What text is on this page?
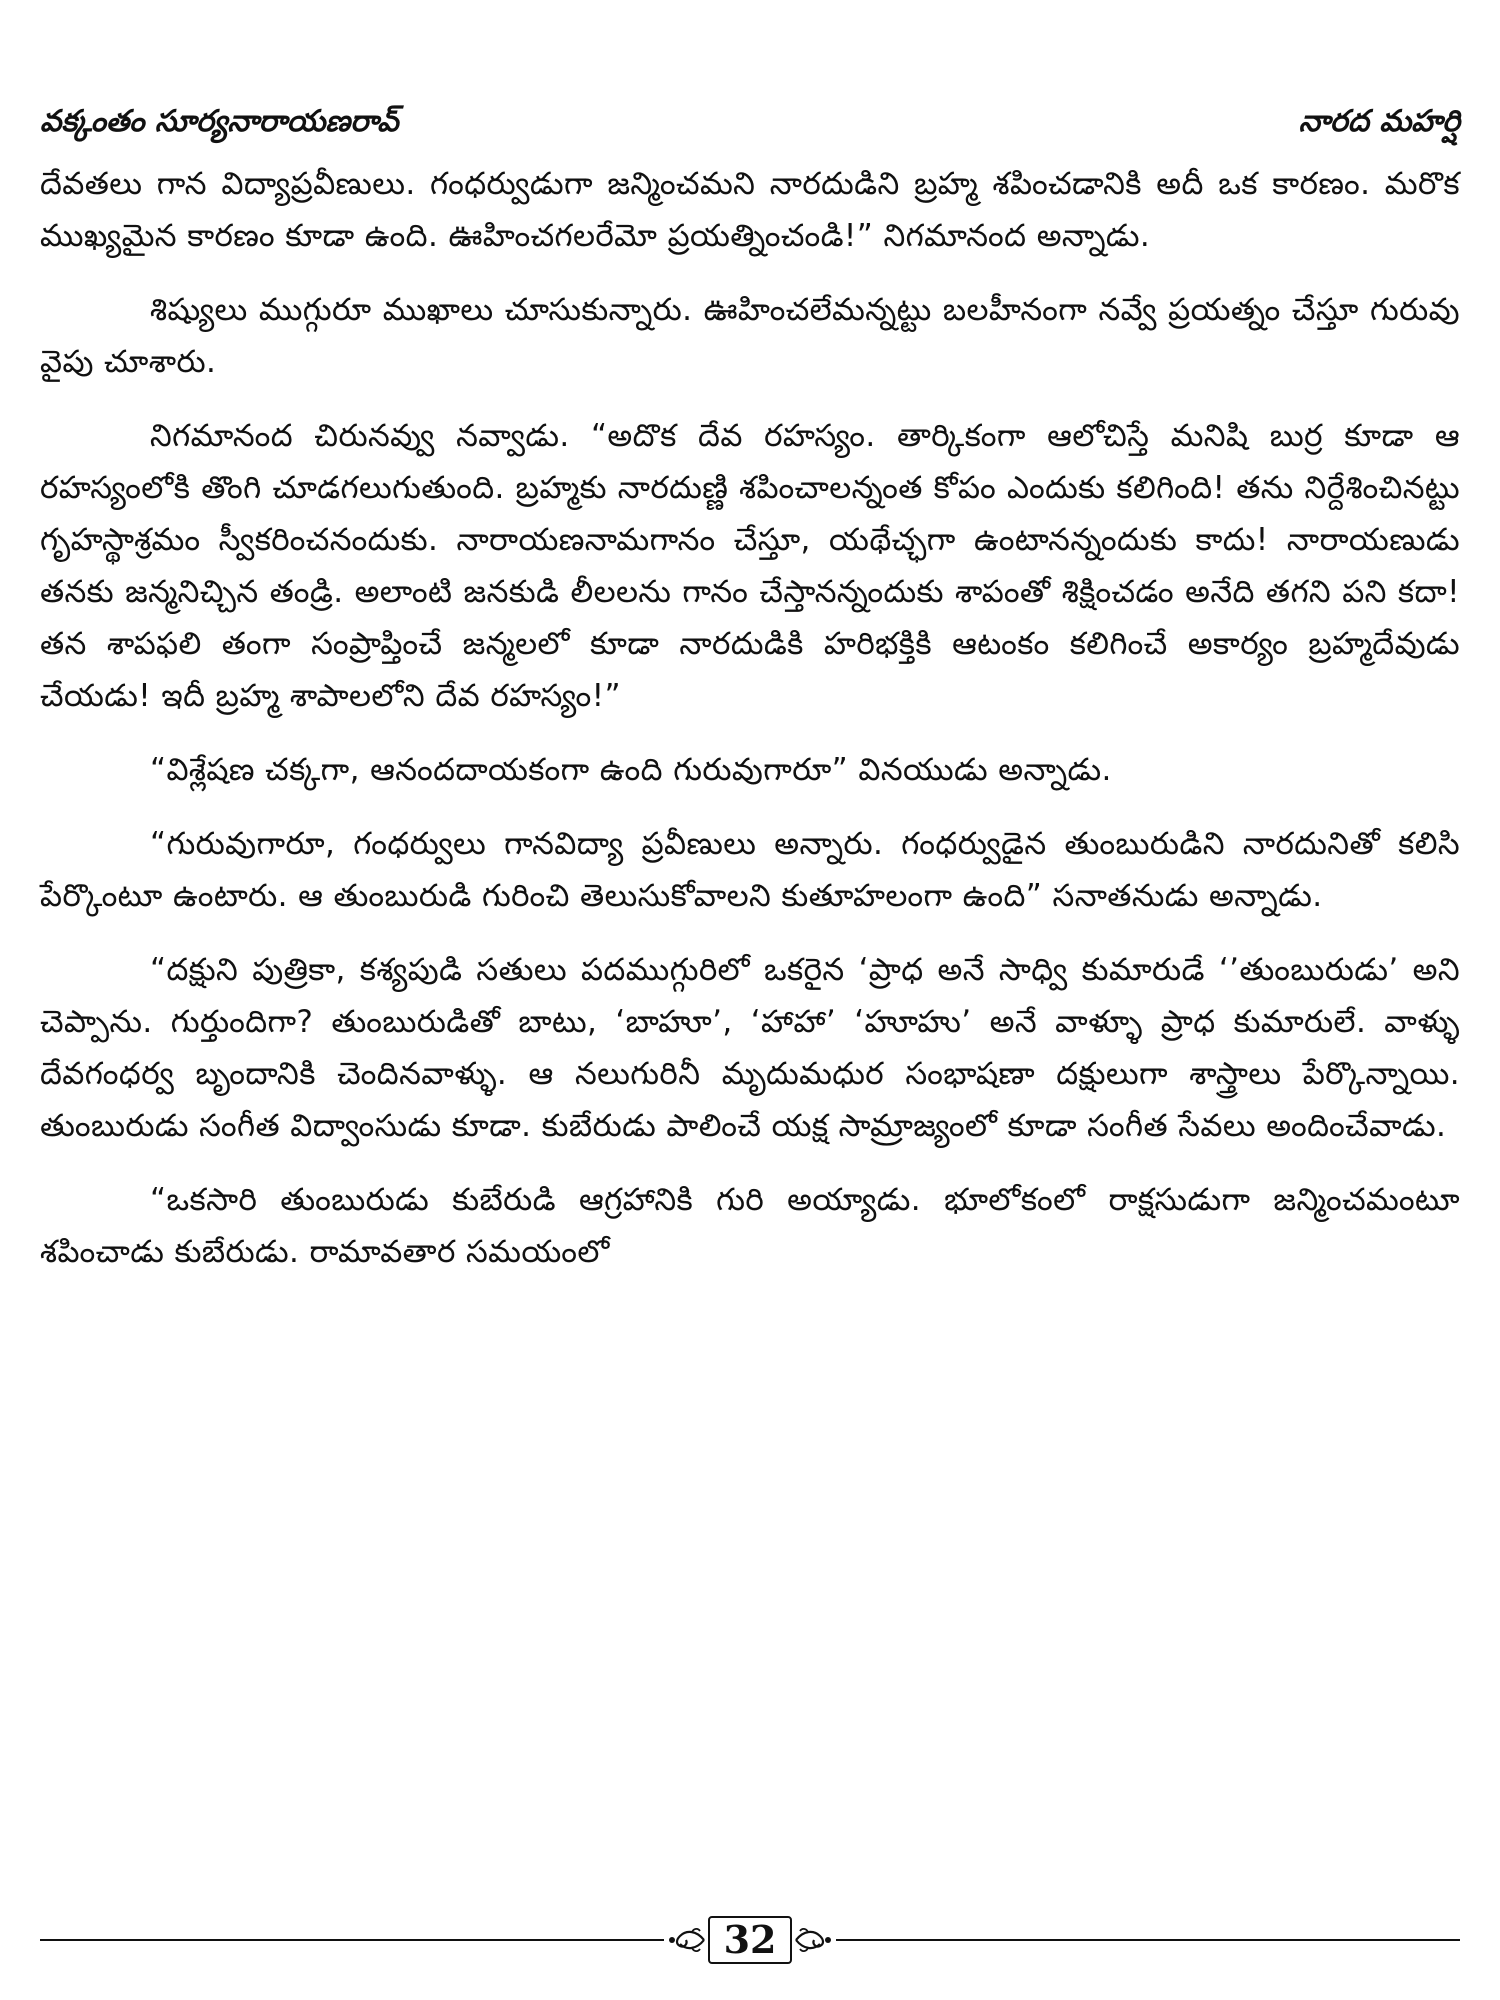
వక్కంతం సూర్యనారాయణరావ్	నారద మహర్షి

దేవతలు గాన విద్యాప్రవీణులు. గంధర్వుడుగా జన్మించమని నారదుడిని బ్రహ్మ శపించడానికి అదీ ఒక కారణం. మరొక ముఖ్యమైన కారణం కూడా ఉంది. ఊహించగలరేమో ప్రయత్నించండి!” నిగమానంద అన్నాడు.

శిష్యులు ముగ్గురూ ముఖాలు చూసుకున్నారు. ఊహించలేమన్నట్టు బలహీనంగా నవ్వే ప్రయత్నం చేస్తూ గురువు వైపు చూశారు.

నిగమానంద చిరునవ్వు నవ్వాడు. “అదొక దేవ రహస్యం. తార్కికంగా ఆలోచిస్తే మనిషి బుర్ర కూడా ఆ రహస్యంలోకి తొంగి చూడగలుగుతుంది. బ్రహ్మకు నారదుణ్ణి శపించాలన్నంత కోపం ఎందుకు కలిగింది! తను నిర్దేశించినట్టు గృహస్థాశ్రమం స్వీకరించనందుకు. నారాయణనామగానం చేస్తూ, యథేచ్ఛగా ఉంటానన్నందుకు కాదు! నారాయణుడు తనకు జన్మనిచ్చిన తండ్రి. అలాంటి జనకుడి లీలలను గానం చేస్తానన్నందుకు శాపంతో శిక్షించడం అనేది తగని పని కదా! తన శాపఫలి తంగా సంప్రాప్తించే జన్మలలో కూడా నారదుడికి హరిభక్తికి ఆటంకం కలిగించే అకార్యం బ్రహ్మదేవుడు చేయడు! ఇదీ బ్రహ్మ శాపాలలోని దేవ రహస్యం!”

“విశ్లేషణ చక్కగా, ఆనందదాయకంగా ఉంది గురువుగారూ” వినయుడు అన్నాడు.

“గురువుగారూ, గంధర్వులు గానవిద్యా ప్రవీణులు అన్నారు. గంధర్వుడైన తుంబురుడిని నారదునితో కలిసి పేర్కొంటూ ఉంటారు. ఆ తుంబురుడి గురించి తెలుసుకోవాలని కుతూహలంగా ఉంది” సనాతనుడు అన్నాడు.

“దక్షుని పుత్రికా, కశ్యపుడి సతులు పదముగ్గురిలో ఒకరైన ‘ప్రాధ అనే సాధ్వి కుమారుడే ‘’తుంబురుడు’ అని చెప్పాను. గుర్తుందిగా? తుంబురుడితో బాటు, ‘బాహూ’, ‘హాహా’ ‘హూహు’ అనే వాళ్ళూ ప్రాధ కుమారులే. వాళ్ళు దేవగంధర్వ బృందానికి చెందినవాళ్ళు. ఆ నలుగురినీ మృదుమధుర సంభాషణా దక్షులుగా శాస్త్రాలు పేర్కొన్నాయి. తుంబురుడు సంగీత విద్వాంసుడు కూడా. కుబేరుడు పాలించే యక్ష సామ్రాజ్యంలో కూడా సంగీత సేవలు అందించేవాడు.

“ఒకసారి తుంబురుడు కుబేరుడి ఆగ్రహానికి గురి అయ్యాడు. భూలోకంలో రాక్షసుడుగా జన్మించమంటూ శపించాడు కుబేరుడు. రామావతార సమయంలో

32
